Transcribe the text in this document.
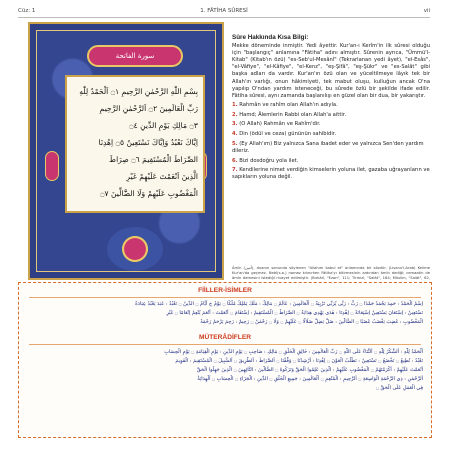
Cüz: 1	1. FÂTİHA SÛRESİ	vii
سورة الفاتحة
بِسْمِ اللّٰهِ الرَّحْمٰنِ الرَّحِيمِ ۝١ اَلْحَمْدُ لِلّٰهِ
رَبِّ الْعَالَمِينَ ۝٢ اَلرَّحْمٰنِ الرَّحِيمِ
۝٣ مَالِكِ يَوْمِ الدِّينِ ۝٤
اِيَّاكَ نَعْبُدُ وَاِيَّاكَ نَسْتَعِينُ ۝٥ اِهْدِنَا
الصِّرَاطَ الْمُسْتَقِيمَ ۝٦ صِرَاطَ
الَّذِينَ اَنْعَمْتَ عَلَيْهِمْ غَيْرِ
الْمَغْضُوبِ عَلَيْهِمْ وَلَا الضَّٓالِّينَ ۝٧
Sûre Hakkında Kısa Bilgi:

Mekke döneminde inmiştir. Yedi âyettir. Kur'an-ı Kerîm'in ilk sûresi olduğu için "başlangıç" anlamına "Fâtiha" adını almıştır. Sûrenin ayrıca, "Ümmü'l-Kitab" (Kitab'ın özü) "es-Seb'ul-Mesânî" (Tekrarlanan yedi âyet), "el-Esâs", "el-Vâfiye", "el-Kâfiye", "el-Kenz", "eş-Şifâ", "eş-Şükr" ve "es-Salât" gibi başka adları da vardır. Kur'an'ın özü olan ve yüceltilmeye lâyık tek bir Allah'ın varlığı, onun hâkimiyeti, tek mabut oluşu, kulluğun ancak O'na yapılıp O'ndan yardım isteneceği, bu sûrede özlü bir şekilde ifade edilir. Fâtiha sûresi, aynı zamanda başlanılışı en güzel olan bir dua, bir yakarıştır.

1. Rahmân ve rahîm olan Allah'ın adıyla.
2. Hamd; Âlemlerin Rabbi olan Allah'a aittir.
3. (O Allah) Rahmân ve Rahîm'dir.
4. Din (ödül ve ceza) gününün sahibidir.
5. (Ey Allah'ım) Biz yalnızca Sana ibadet eder ve yalnızca Sen'den yardım dileriz.
6. Bizi dosdoğru yola ilet.
7. Kendilerine nimet verdiğin kimselerin yoluna ilet, gazaba uğrayanların ve sapıkların yoluna değil.
Âmîn (آمين), duanın sonunda söylenen "Allahım kabul et" anlamında bir sözdür. (Lisanu'l-Arab) Kelime Kur'an'da geçmez. Nebî(s.a.) namaz kılınırken Fâtiha'yı bitirmesinin ardından âmîn dediği; cemaatin de âmîn demesini istediği rivayet edilmiştir. (Buhârî, "Ezan", 111; Tirmizî, "Salât", 184; Müslim, "Salât", 62,
FİİLLER-İSİMLER
اِسْمٌ الْحَمْدُ : حَمِدَ يَحْمَدُ حَمْدًا ۝ رَبٌّ : رَبَّى يُرَبِّي تَرْبِيَةً ۝ اَلْعَالَمِينَ : عَالَمٌ ۝ مَالِكٌ : مَلَكَ يَمْلِكُ مُلْكًا ۝ يَوْمٌ ج اَيَّامٌ ۝ الدِّينُ ۝ نَعْبُدُ : عَبَدَ يَعْبُدُ عِبَادَةً
نَسْتَعِينُ : اِسْتَعَانَ يَسْتَعِينُ اِسْتِعَانَةً ۝ اِهْدِنَا : هَدَى يَهْدِي هِدَايَةً ۝ الصِّرَاطُ ۝ الْمُسْتَقِيمُ : اِسْتَقَامَ ۝ اَنْعَمْتَ : اَنْعَمَ يُنْعِمُ اِنْعَامًا ۝ غَيْرِ
الْمَغْضُوبِ : غَضِبَ يَغْضَبُ غَضَبًا ۝ الضَّالِّينَ : ضَلَّ يَضِلُّ ضَلَالًا ۝ عَلَيْهِمْ ۝ وَلَا ۝ رَحْمٰنٌ ۝ رَحِيمٌ : رَحِمَ يَرْحَمُ رَحْمَةً
MÜTERÂDİFLER
اَلْحَمْدُ لِلّٰهِ : اَلشُّكْرُ لِلّٰهِ ۝ اَلثَّنَاءُ عَلَى اللّٰهِ ۝ رَبِّ الْعَالَمِينَ : خَالِقِ الْخَلْقِ ۝ مَالِكِ : صَاحِبِ ۝ يَوْمِ الدِّينِ : يَوْمِ الْقِيَامَةِ ۝ يَوْمِ الْحِسَابِ
نَعْبُدُ : نُطِيعُ ۝ نَخْضَعُ ۝ نَسْتَعِينُ : نَطْلُبُ الْعَوْنَ ۝ اِهْدِنَا : اَرْشِدْنَا ۝ وَفِّقْنَا ۝ اَلصِّرَاطَ : اَلطَّرِيقَ ۝ اَلسَّبِيلَ ۝ الْمُسْتَقِيمَ : الْقَوِيمَ
اَنْعَمْتَ عَلَيْهِمْ : اَكْرَمْتَهُمْ ۝ الْمَغْضُوبِ عَلَيْهِمْ : الَّذِينَ عَلِمُوا الْحَقَّ وَتَرَكُوهُ ۝ الضَّالِّينَ : التَّائِهِينَ ۝ الَّذِينَ جَهِلُوا الْحَقَّ
اَلرَّحْمٰنِ : ذِي الرَّحْمَةِ الْوَاسِعَةِ ۝ اَلرَّحِيمِ : الْمُنْعِمِ ۝ اَلْعَالَمِينَ : جَمِيعِ الْخَلْقِ ۝ الدِّينِ : الْجَزَاءِ ۝ الْحِسَابِ ۝ اَلْهِدَايَةُ
فِي الْعَمَلِ عَلَى الْحَقِّ ۝
